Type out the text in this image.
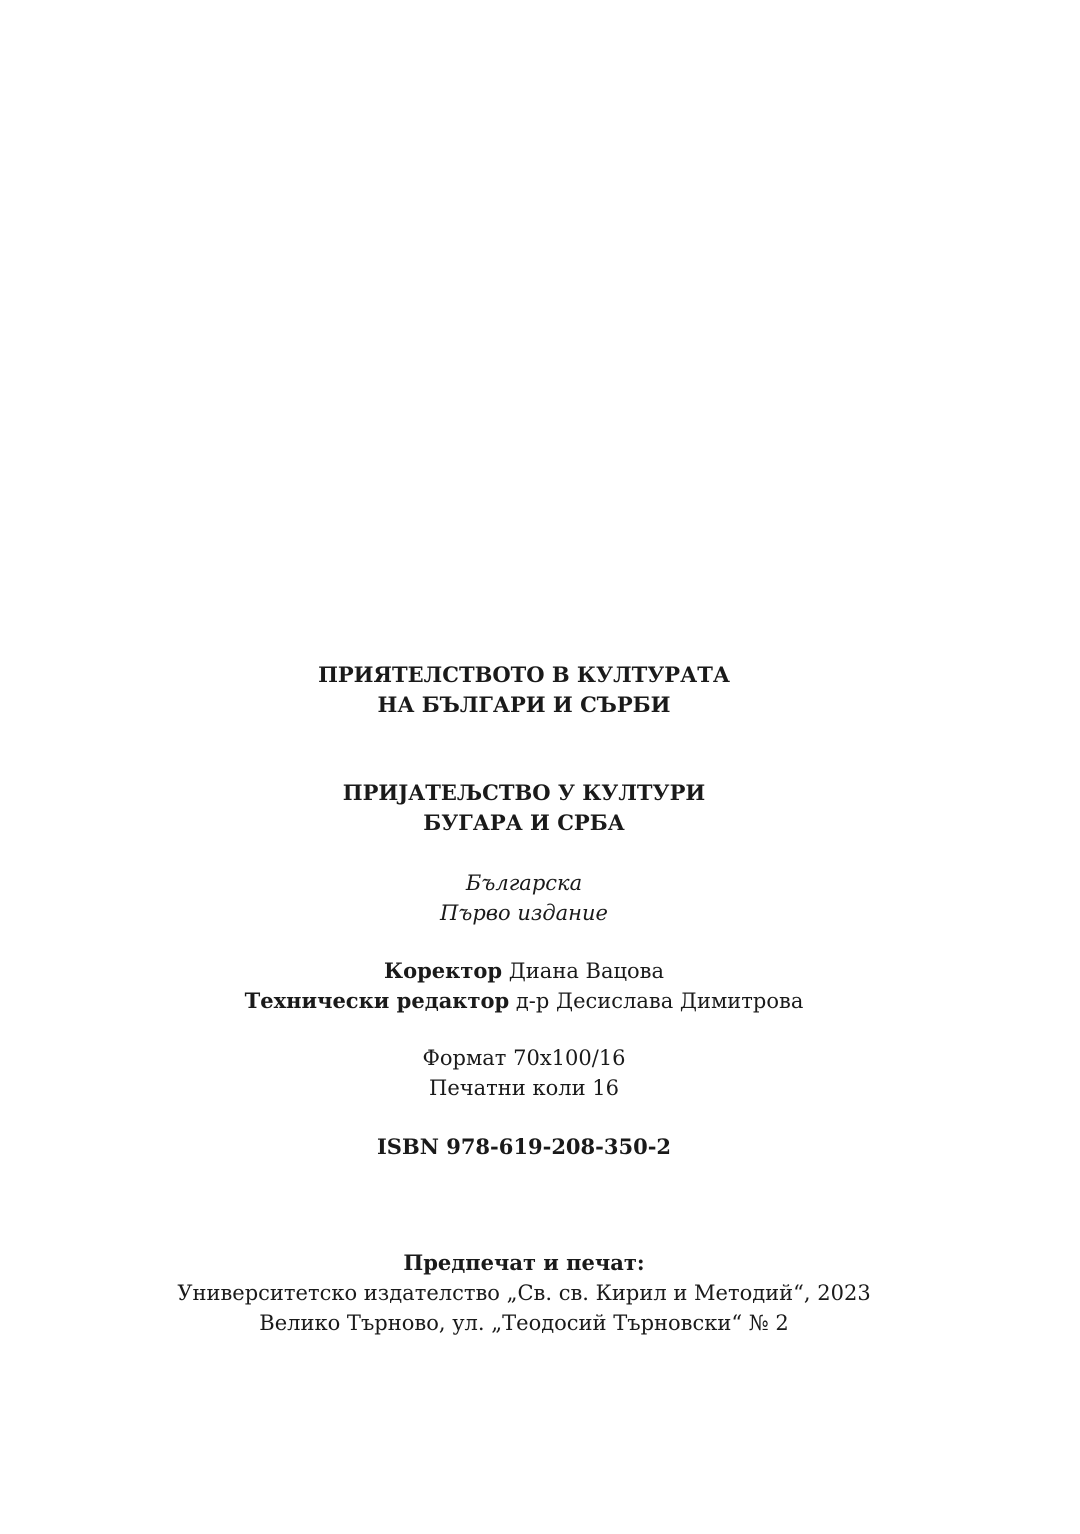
ПРИЯТЕЛСТВОТО В КУЛТУРАТА
НА БЪЛГАРИ И СЪРБИ
ПРИЈАТЕЉСТВО У КУЛТУРИ
БУГАРА И СРБА
Българска
Първо издание
Коректор Диана Вацова
Технически редактор д-р Десислава Димитрова
Формат 70х100/16
Печатни коли 16
ISBN 978-619-208-350-2
Предпечат и печат:
Университетско издателство „Св. св. Кирил и Методий“, 2023
Велико Търново, ул. „Теодосий Търновски“ № 2
